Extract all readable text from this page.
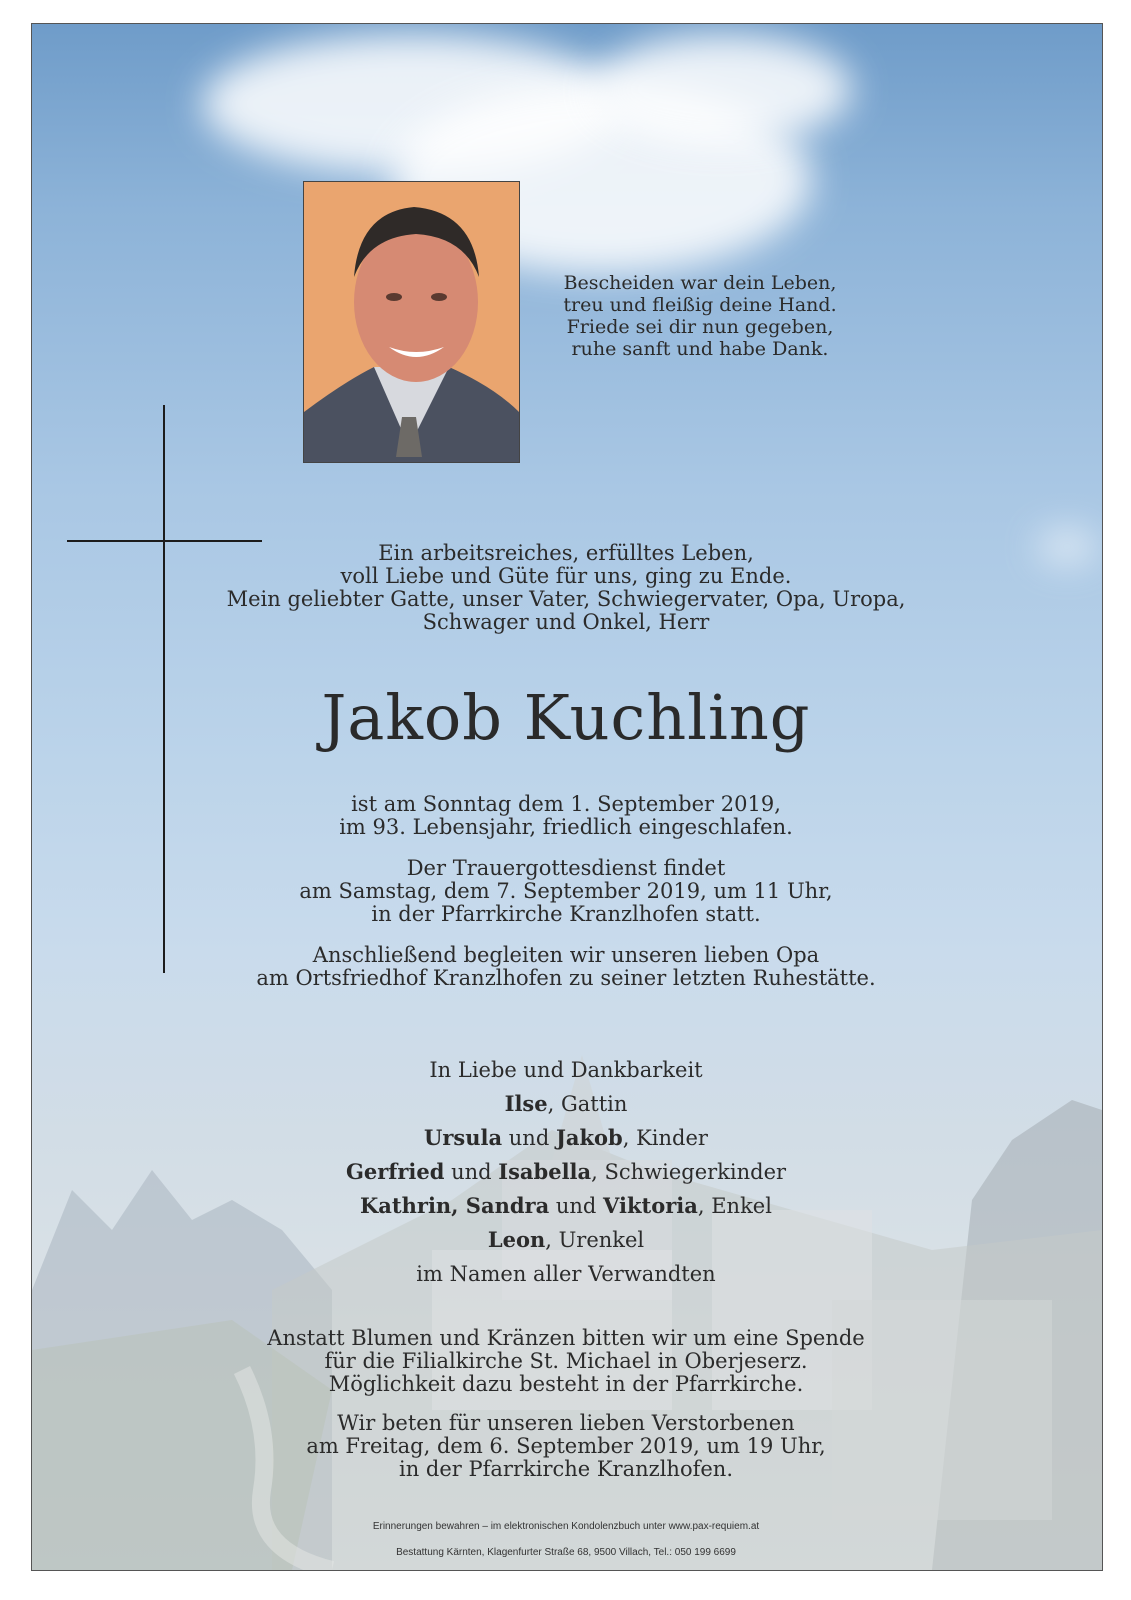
Bescheiden war dein Leben,
treu und fleißig deine Hand.
Friede sei dir nun gegeben,
ruhe sanft und habe Dank.
Ein arbeitsreiches, erfülltes Leben,
voll Liebe und Güte für uns, ging zu Ende.
Mein geliebter Gatte, unser Vater, Schwiegervater, Opa, Uropa,
Schwager und Onkel, Herr
Jakob Kuchling
ist am Sonntag dem 1. September 2019,
im 93. Lebensjahr, friedlich eingeschlafen.
Der Trauergottesdienst findet
am Samstag, dem 7. September 2019, um 11 Uhr,
in der Pfarrkirche Kranzlhofen statt.
Anschließend begleiten wir unseren lieben Opa
am Ortsfriedhof Kranzlhofen zu seiner letzten Ruhestätte.
In Liebe und Dankbarkeit
Ilse, Gattin
Ursula und Jakob, Kinder
Gerfried und Isabella, Schwiegerkinder
Kathrin, Sandra und Viktoria, Enkel
Leon, Urenkel
im Namen aller Verwandten
Anstatt Blumen und Kränzen bitten wir um eine Spende
für die Filialkirche St. Michael in Oberjeserz.
Möglichkeit dazu besteht in der Pfarrkirche.
Wir beten für unseren lieben Verstorbenen
am Freitag, dem 6. September 2019, um 19 Uhr,
in der Pfarrkirche Kranzlhofen.
Erinnerungen bewahren – im elektronischen Kondolenzbuch unter www.pax-requiem.at
Bestattung Kärnten, Klagenfurter Straße 68, 9500 Villach, Tel.: 050 199 6699
